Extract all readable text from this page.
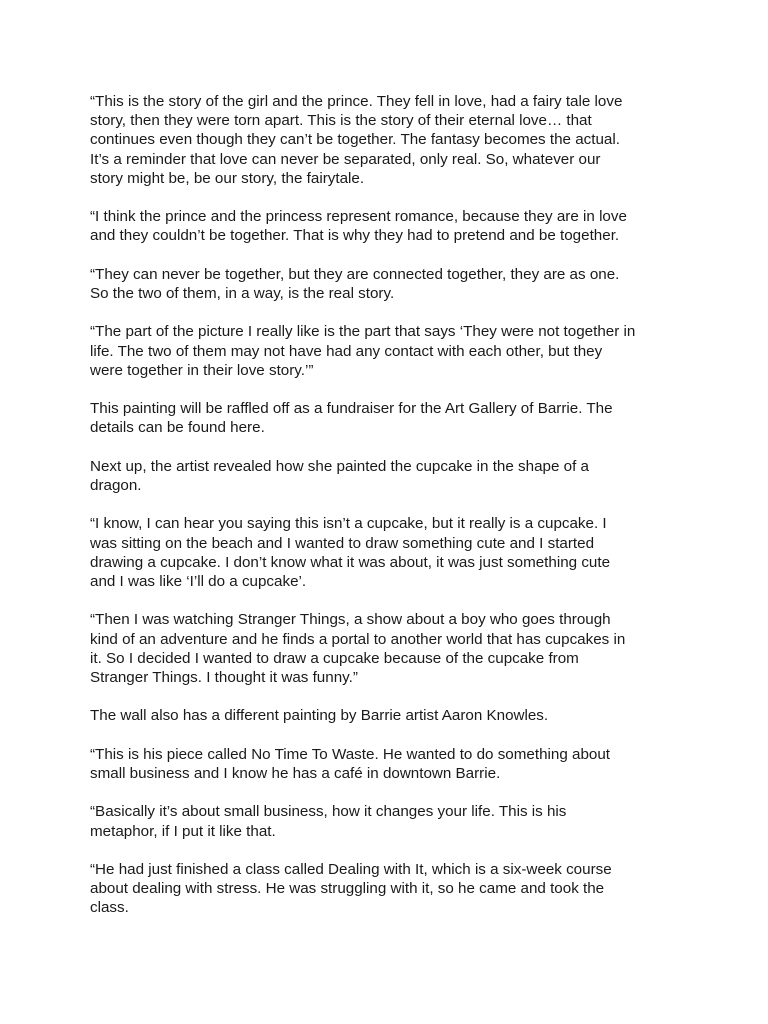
“This is the story of the girl and the prince. They fell in love, had a fairy tale love
story, then they were torn apart. This is the story of their eternal love… that
continues even though they can’t be together. The fantasy becomes the actual.
It’s a reminder that love can never be separated, only real. So, whatever our
story might be, be our story, the fairytale.

“I think the prince and the princess represent romance, because they are in love
and they couldn’t be together. That is why they had to pretend and be together.

“They can never be together, but they are connected together, they are as one.
So the two of them, in a way, is the real story.

“The part of the picture I really like is the part that says ‘They were not together in
life. The two of them may not have had any contact with each other, but they
were together in their love story.’”

This painting will be raffled off as a fundraiser for the Art Gallery of Barrie. The
details can be found here.

Next up, the artist revealed how she painted the cupcake in the shape of a
dragon.

“I know, I can hear you saying this isn’t a cupcake, but it really is a cupcake. I
was sitting on the beach and I wanted to draw something cute and I started
drawing a cupcake. I don’t know what it was about, it was just something cute
and I was like ‘I’ll do a cupcake’.

“Then I was watching Stranger Things, a show about a boy who goes through
kind of an adventure and he finds a portal to another world that has cupcakes in
it. So I decided I wanted to draw a cupcake because of the cupcake from
Stranger Things. I thought it was funny.”

The wall also has a different painting by Barrie artist Aaron Knowles.

“This is his piece called No Time To Waste. He wanted to do something about
small business and I know he has a café in downtown Barrie.

“Basically it’s about small business, how it changes your life. This is his
metaphor, if I put it like that.

“He had just finished a class called Dealing with It, which is a six-week course
about dealing with stress. He was struggling with it, so he came and took the
class.
